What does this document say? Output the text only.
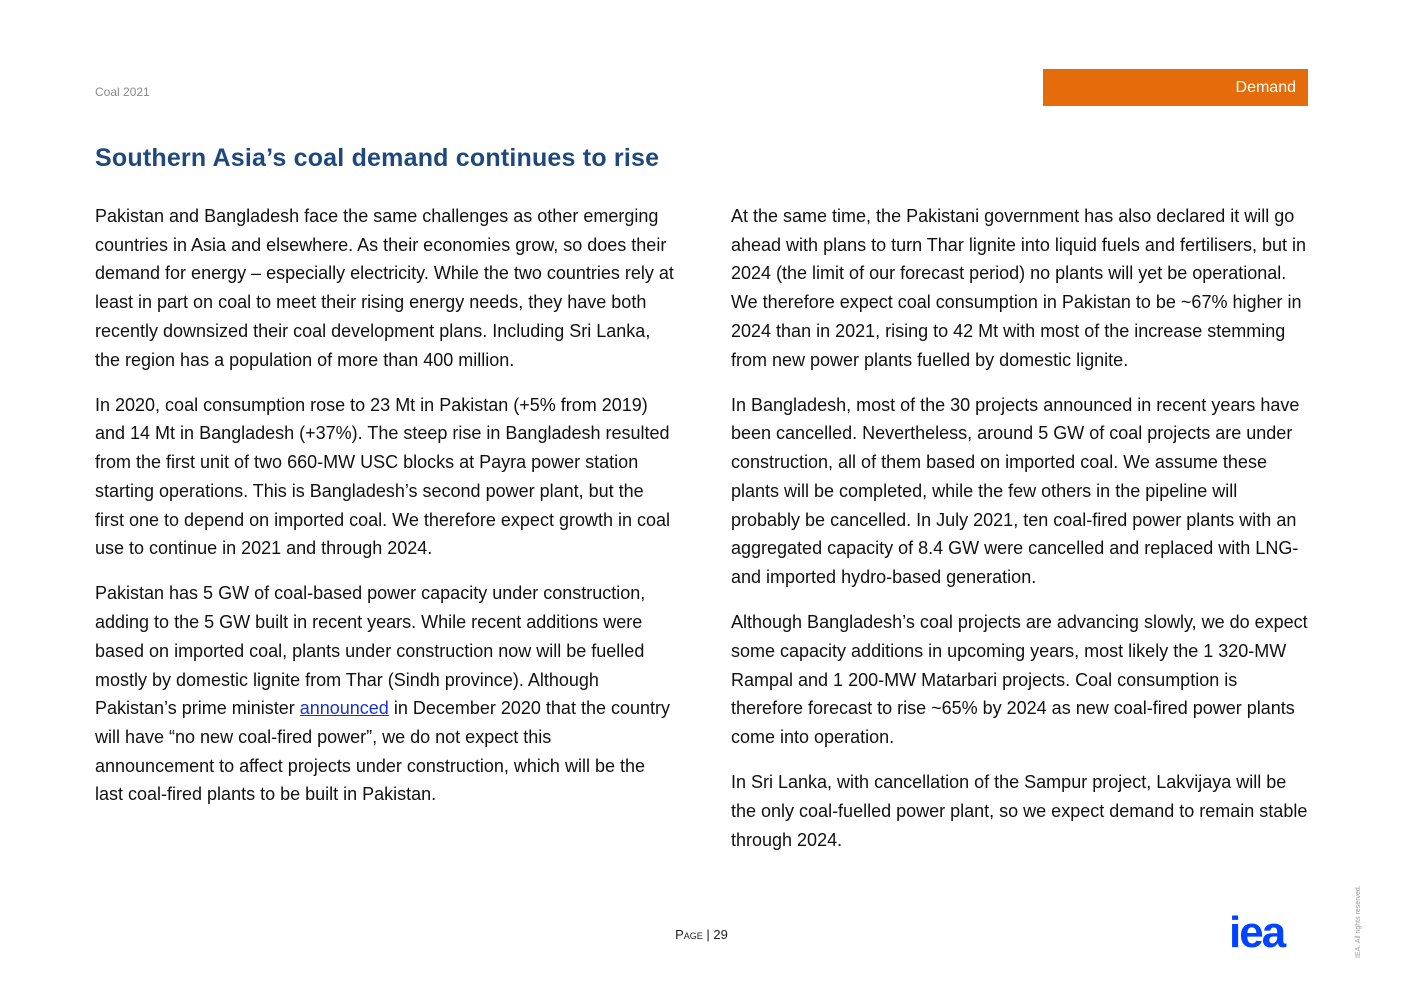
Coal 2021	Demand
Southern Asia’s coal demand continues to rise

Pakistan and Bangladesh face the same challenges as other emerging countries in Asia and elsewhere. As their economies grow, so does their demand for energy – especially electricity. While the two countries rely at least in part on coal to meet their rising energy needs, they have both recently downsized their coal development plans. Including Sri Lanka, the region has a population of more than 400 million.

In 2020, coal consumption rose to 23 Mt in Pakistan (+5% from 2019) and 14 Mt in Bangladesh (+37%). The steep rise in Bangladesh resulted from the first unit of two 660-MW USC blocks at Payra power station starting operations. This is Bangladesh’s second power plant, but the first one to depend on imported coal. We therefore expect growth in coal use to continue in 2021 and through 2024.

Pakistan has 5 GW of coal-based power capacity under construction, adding to the 5 GW built in recent years. While recent additions were based on imported coal, plants under construction now will be fuelled mostly by domestic lignite from Thar (Sindh province). Although Pakistan’s prime minister announced in December 2020 that the country will have “no new coal-fired power”, we do not expect this announcement to affect projects under construction, which will be the last coal-fired plants to be built in Pakistan.

At the same time, the Pakistani government has also declared it will go ahead with plans to turn Thar lignite into liquid fuels and fertilisers, but in 2024 (the limit of our forecast period) no plants will yet be operational. We therefore expect coal consumption in Pakistan to be ~67% higher in 2024 than in 2021, rising to 42 Mt with most of the increase stemming from new power plants fuelled by domestic lignite.

In Bangladesh, most of the 30 projects announced in recent years have been cancelled. Nevertheless, around 5 GW of coal projects are under construction, all of them based on imported coal. We assume these plants will be completed, while the few others in the pipeline will probably be cancelled. In July 2021, ten coal-fired power plants with an aggregated capacity of 8.4 GW were cancelled and replaced with LNG- and imported hydro-based generation.

Although Bangladesh’s coal projects are advancing slowly, we do expect some capacity additions in upcoming years, most likely the 1 320-MW Rampal and 1 200-MW Matarbari projects. Coal consumption is therefore forecast to rise ~65% by 2024 as new coal-fired power plants come into operation.

In Sri Lanka, with cancellation of the Sampur project, Lakvijaya will be the only coal-fuelled power plant, so we expect demand to remain stable through 2024.

Page | 29	iea	IEA. All rights reserved.
